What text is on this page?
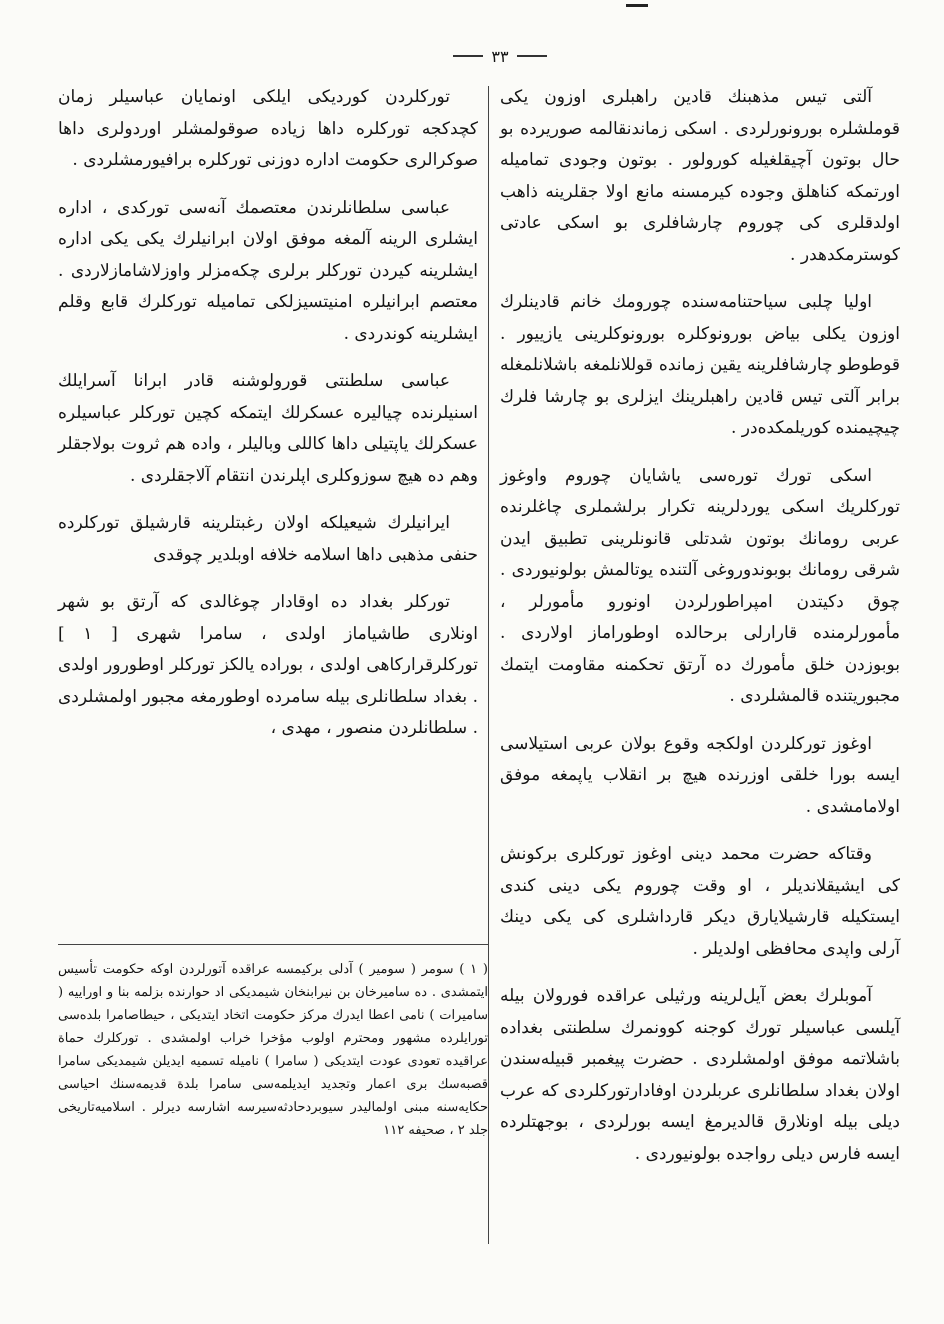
۳۳

آلتی تیس مذهبنك قادین راهبلری اوزون یكی قوملشلره بورونورلردی . اسكی زماندنقالمه صوریرده بو حال بوتون آچیقلغیله كورولور . بوتون وجودی تمامیله اورتمكه كناهلق وجوده كیرمسنه مانع اولا جقلرینه ذاهب اولدقلری كی چوروم چارشافلری بو اسكی عادتی كوسترمكدهدر .

اولیا چلبی سیاحتنامه‌سنده چورومك خانم قادینلرك اوزون یكلی بیاض بورونوكلره بورونوكلرینی یازییور . قوطوطو چارشافلرینه یقین زمانده قوللانلمغه باشلانلمغله برابر آلتی تیس قادین راهبلرینك ایزلری بو چارشا فلرك چیچیمنده كوریلمكده‌در .

اسكی تورك توره‌سی یاشایان چوروم واوغوز تورکلریك اسكی یوردلرینه تكرار برلشملری چاغلرنده عربی رومانك بوتون شدتلی قانونلرینی تطبیق ایدن شرقی رومانك بوبوندوروغی آلتنده یوتالمش بولونیوردی . چوق دكیتدن امپراطورلردن اونورو مأمورلر ، مأمورلرمنده قارارلی برحالده اوطوراماز اولاردی . بوبوزدن خلق مأمورك ده آرتق تحكمنه مقاومت ایتمك مجبوریتنده قالمشلردی .

اوغوز تورکلردن اولكجه وقوع بولان عربی استیلاسی ایسه بورا خلقی اوزرنده هیچ بر انقلاب یاپمغه موفق اولامامشدی .

وقتاكه حضرت محمد دینی اوغوز تورکلری بركونش كی ایشیقلاندیلر ، او وقت چوروم یكی دینی كندی ایستكیله قارشیلایارق دیكر قارداشلری كی یكی دینك آرلی واپدی محافظی اولدیلر .

آموبلرك بعض آیل‌لرینه ورثیلی عراقده فورولان بیله آیلسی عباسیلر تورك كوجنه كوونمرك سلطنتی بغداده باشلاتمه موفق اولمشلردی . حضرت پیغمبر قبیله‌سندن اولان بغداد سلطانلری عربلردن اوفادارتورکلردی كه عرب دیلی بیله اونلارق قالدیرمغ ایسه بورلردی ، بوجهتلرده ایسه فارس دیلی رواجده بولونیوردی .

تورکلردن كورديكی ایلكی اونمایان عباسیلر زمان كچدكجه تورکلره داها زیاده صوقولمشلر اوردولری داها صوكرالری حكومت اداره دوزنی تورکلره برافیورمشلردی .

عباسی سلطانلرندن معتصمك آنه‌سی تورکدی ، اداره ایشلری الرینه آلمغه موفق اولان ابرانیلرك یكی یكی اداره ایشلرینه كیردن تورکلر برلری چكه‌مزلر واوزلاشامازلاردی . معتصم ابرانیلره امنیتسیزلكی تمامیله تورکلرك قابع وقلم ایشلرینه كوندردی .

عباسی سلطنتی قورولوشنه قادر ابرانا آسرایلك اسنیلرنده چیالیره عسكرلك ایتمكه كچین تورکلر عباسیلره عسكرلك یاپتیلی داها كاللی وبالیلر ، واده هم ثروت بولاجقلر وهم ده هیچ سوزوكلری اپلرندن انتقام آلاجقلردی .

ایرانیلرك شیعیلكه اولان رغبتلرینه قارشیلق تورکلرده حنفی مذهبی داها اسلامه خلافه اوبلدیر چوقدی

تورکلر بغداد ده اوقادار چوغالدی كه آرتق بو شهر اونلاری طاشیاماز اولدی ، سامرا شهری [ ١ ] تورکلرقرارکاهی اولدی ، بوراده یالكز تورکلر اوطورور اولدی . بغداد سلطانلری بیله سامرده اوطورمغه مجبور اولمشلردی . سلطانلردن منصور ، مهدی ،

( ١ ) سومر ( سومیر ) آدلی برکیمسه عراقده آتورلردن اوكه حكومت تأسیس ایتمشدی . ده سامیرخان بن نیرابنخان شیمدیكی اد حوارنده بزلمه بنا و اوراییه ( سامیرات ) نامی اعطا ایدرك مركز حكومت اتخاد ایتدیكی ، حیطاصامرا بلده‌سی تورایلرده مشهور ومحترم اولوب مؤخرا خراب اولمشدی . تورکلرك حماة عراقیده تعودی عودت ایتدیكی ( سامرا ) نامیله تسمیه ایدیلن شیمدیكی سامرا قصبه‌سك بری اعمار وتجدید ایدیلمه‌سی سامرا بلدة قدیمه‌سنك احیاسی حکایه‌سنه مبنی اولمالیدر سیوبردحادثه‌سیرسه اشارسه دیرلر . اسلامیه‌تاریخی جلد ۲ ، صحیفه ۱۱۲
